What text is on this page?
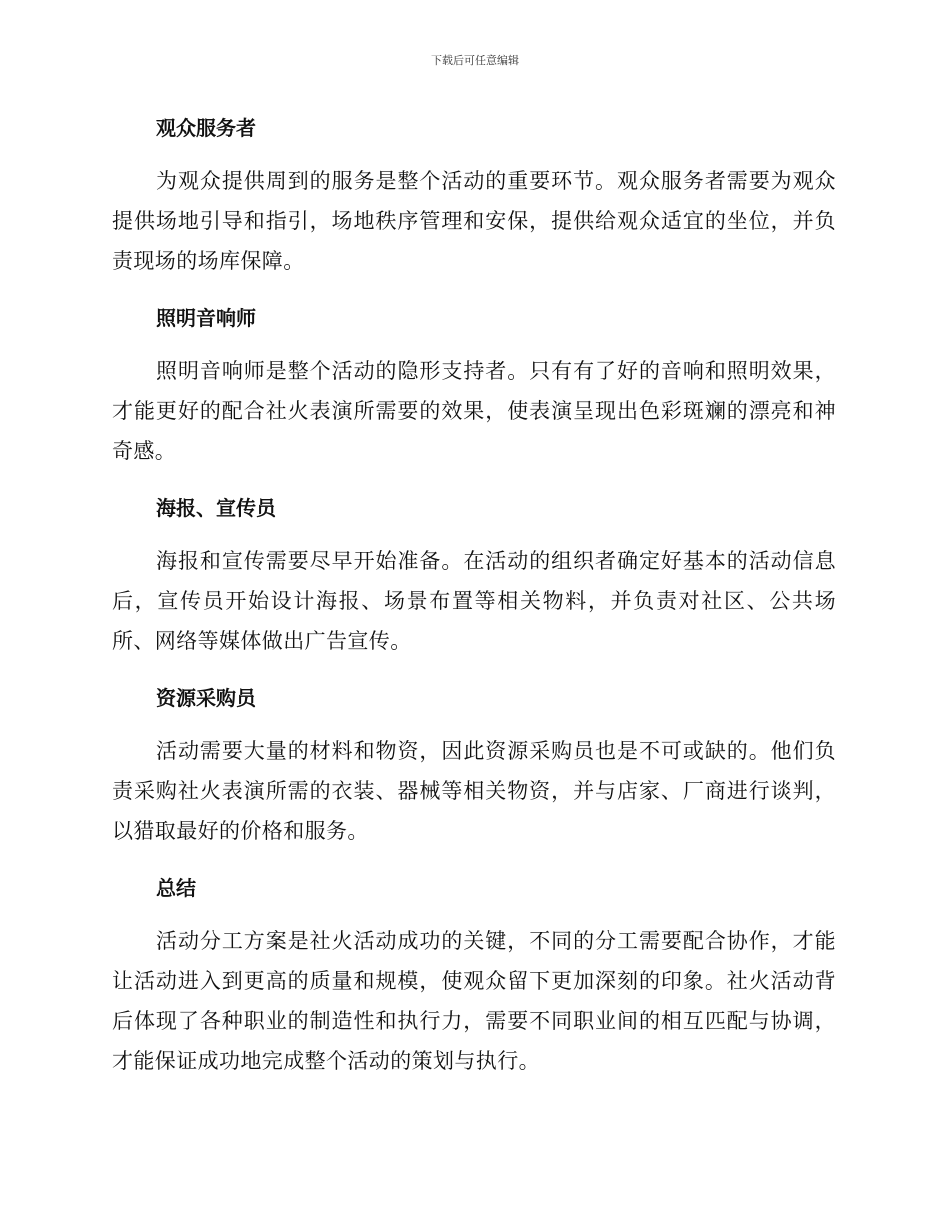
下载后可任意编辑
观众服务者

为观众提供周到的服务是整个活动的重要环节。观众服务者需要为观众提供场地引导和指引，场地秩序管理和安保，提供给观众适宜的坐位，并负责现场的场库保障。

照明音响师

照明音响师是整个活动的隐形支持者。只有有了好的音响和照明效果，才能更好的配合社火表演所需要的效果，使表演呈现出色彩斑斓的漂亮和神奇感。

海报、宣传员

海报和宣传需要尽早开始准备。在活动的组织者确定好基本的活动信息后，宣传员开始设计海报、场景布置等相关物料，并负责对社区、公共场所、网络等媒体做出广告宣传。

资源采购员

活动需要大量的材料和物资，因此资源采购员也是不可或缺的。他们负责采购社火表演所需的衣装、器械等相关物资，并与店家、厂商进行谈判，以猎取最好的价格和服务。

总结

活动分工方案是社火活动成功的关键，不同的分工需要配合协作，才能让活动进入到更高的质量和规模，使观众留下更加深刻的印象。社火活动背后体现了各种职业的制造性和执行力，需要不同职业间的相互匹配与协调，才能保证成功地完成整个活动的策划与执行。
